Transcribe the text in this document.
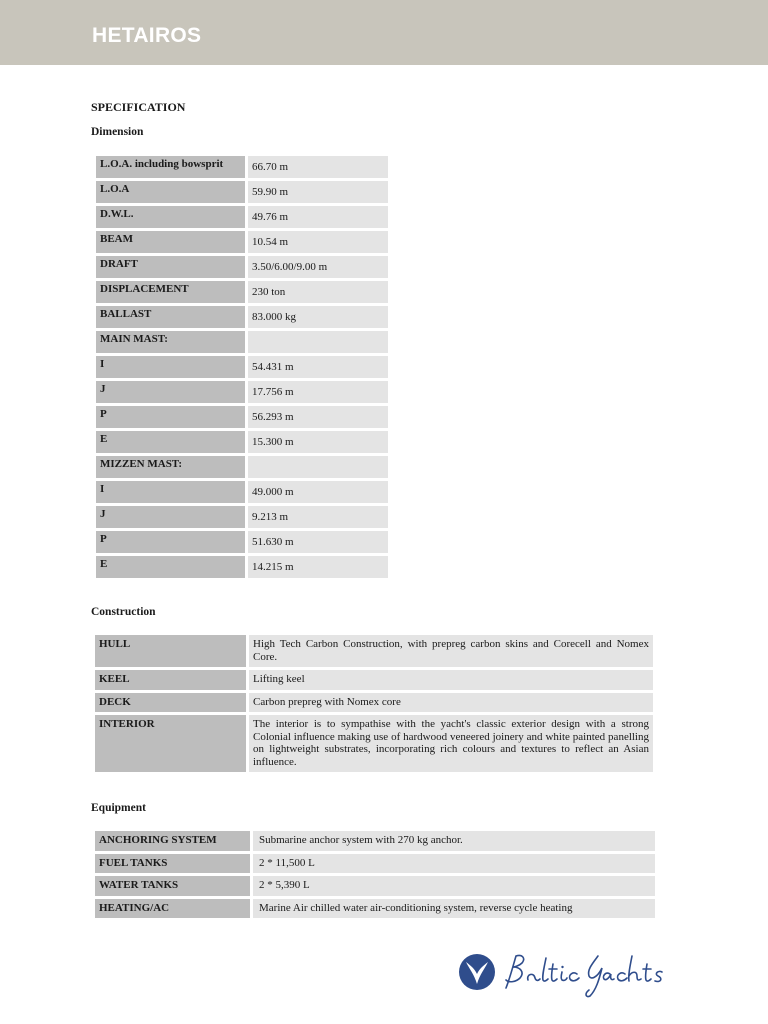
HETAIROS
SPECIFICATION
Dimension
L.O.A. including bowsprit	66.70 m
L.O.A	59.90 m
D.W.L.	49.76 m
BEAM	10.54 m
DRAFT	3.50/6.00/9.00 m
DISPLACEMENT	230 ton
BALLAST	83.000 kg
MAIN MAST:	
I	54.431 m
J	17.756 m
P	56.293 m
E	15.300 m
MIZZEN MAST:	
I	49.000 m
J	9.213 m
P	51.630 m
E	14.215 m
Construction
HULL	High Tech Carbon Construction, with prepreg carbon skins and Corecell and Nomex Core.
KEEL	Lifting keel
DECK	Carbon prepreg with Nomex core
INTERIOR	The interior is to sympathise with the yacht's classic exterior design with a strong Colonial influence making use of hardwood veneered joinery and white painted panelling on lightweight substrates, incorporating rich colours and textures to reflect an Asian influence.
Equipment
ANCHORING SYSTEM	Submarine anchor system with 270 kg anchor.
FUEL TANKS	2 * 11,500 L
WATER TANKS	2 * 5,390 L
HEATING/AC	Marine Air chilled water air-conditioning system, reverse cycle heating
